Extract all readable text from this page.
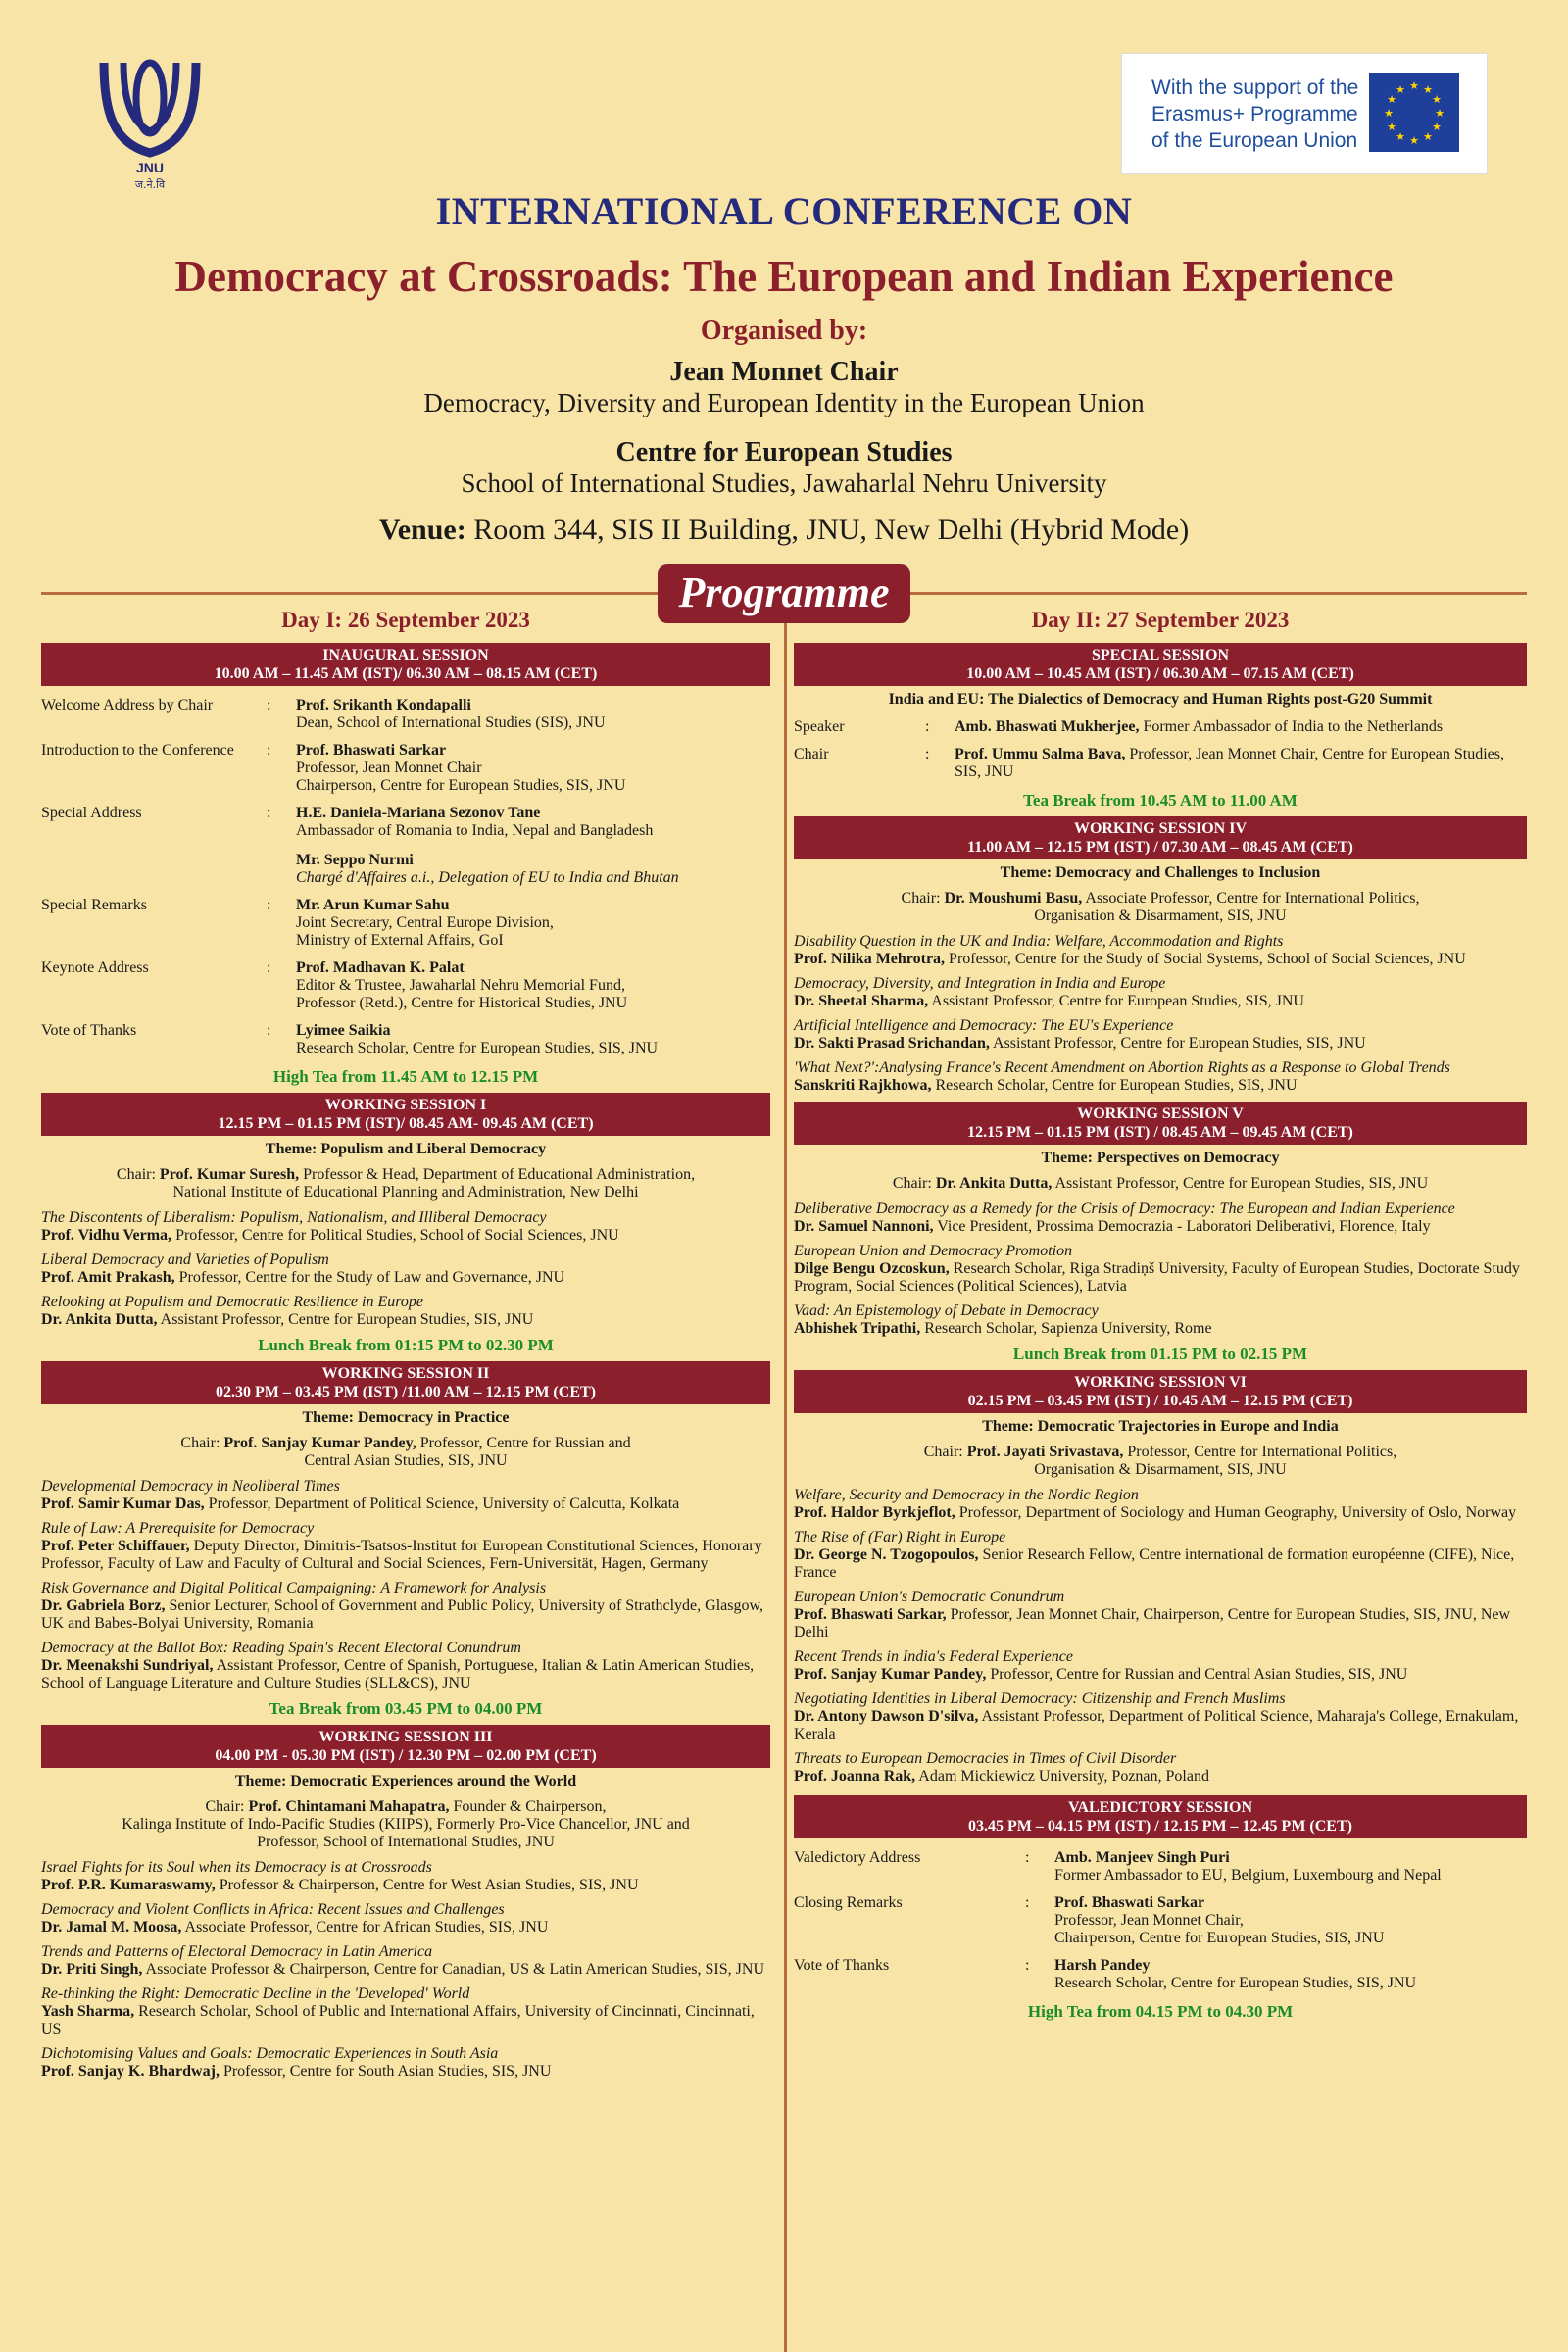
JNU
ज.ने.वि
With the support of the
Erasmus+ Programme
of the European Union
★ ★
★
★
★
★
★
★
★
★
★
★
INTERNATIONAL CONFERENCE ON
Democracy at Crossroads: The European and Indian Experience
Organised by:
Jean Monnet Chair
Democracy, Diversity and European Identity in the European Union
Centre for European Studies
School of International Studies, Jawaharlal Nehru University
Venue: Room 344, SIS II Building, JNU, New Delhi (Hybrid Mode)
Programme
Day I: 26 September 2023
INAUGURAL SESSION
10.00 AM – 11.45 AM (IST)/ 06.30 AM – 08.15 AM (CET)
Welcome Address by Chair	:	Prof. Srikanth Kondapalli
Dean, School of International Studies (SIS), JNU
Introduction to the Conference	:	Prof. Bhaswati Sarkar
Professor, Jean Monnet Chair
Chairperson, Centre for European Studies, SIS, JNU
Special Address	:	H.E. Daniela-Mariana Sezonov Tane
Ambassador of Romania to India, Nepal and Bangladesh
Mr. Seppo Nurmi
Chargé d'Affaires a.i., Delegation of EU to India and Bhutan
Special Remarks	:	Mr. Arun Kumar Sahu
Joint Secretary, Central Europe Division,
Ministry of External Affairs, GoI
Keynote Address	:	Prof. Madhavan K. Palat
Editor & Trustee, Jawaharlal Nehru Memorial Fund,
Professor (Retd.), Centre for Historical Studies, JNU
Vote of Thanks	:	Lyimee Saikia
Research Scholar, Centre for European Studies, SIS, JNU
High Tea from 11.45 AM to 12.15 PM
WORKING SESSION I
12.15 PM – 01.15 PM (IST)/ 08.45 AM- 09.45 AM (CET)
Theme: Populism and Liberal Democracy
Chair: Prof. Kumar Suresh, Professor & Head, Department of Educational Administration,
National Institute of Educational Planning and Administration, New Delhi
The Discontents of Liberalism: Populism, Nationalism, and Illiberal Democracy
Prof. Vidhu Verma, Professor, Centre for Political Studies, School of Social Sciences, JNU
Liberal Democracy and Varieties of Populism
Prof. Amit Prakash, Professor, Centre for the Study of Law and Governance, JNU
Relooking at Populism and Democratic Resilience in Europe
Dr. Ankita Dutta, Assistant Professor, Centre for European Studies, SIS, JNU
Lunch Break from 01:15 PM to 02.30 PM
WORKING SESSION II
02.30 PM – 03.45 PM (IST) /11.00 AM – 12.15 PM (CET)
Theme: Democracy in Practice
Chair: Prof. Sanjay Kumar Pandey, Professor, Centre for Russian and
Central Asian Studies, SIS, JNU
Developmental Democracy in Neoliberal Times
Prof. Samir Kumar Das, Professor, Department of Political Science, University of Calcutta, Kolkata
Rule of Law: A Prerequisite for Democracy
Prof. Peter Schiffauer, Deputy Director, Dimitris-Tsatsos-Institut for European Constitutional Sciences, Honorary Professor, Faculty of Law and Faculty of Cultural and Social Sciences, Fern-Universität, Hagen, Germany
Risk Governance and Digital Political Campaigning: A Framework for Analysis
Dr. Gabriela Borz, Senior Lecturer, School of Government and Public Policy, University of Strathclyde, Glasgow, UK and Babes-Bolyai University, Romania
Democracy at the Ballot Box: Reading Spain's Recent Electoral Conundrum
Dr. Meenakshi Sundriyal, Assistant Professor, Centre of Spanish, Portuguese, Italian & Latin American Studies, School of Language Literature and Culture Studies (SLL&CS), JNU
Tea Break from 03.45 PM to 04.00 PM
WORKING SESSION III
04.00 PM - 05.30 PM (IST) / 12.30 PM – 02.00 PM (CET)
Theme: Democratic Experiences around the World
Chair: Prof. Chintamani Mahapatra, Founder & Chairperson,
Kalinga Institute of Indo-Pacific Studies (KIIPS), Formerly Pro-Vice Chancellor, JNU and
Professor, School of International Studies, JNU
Israel Fights for its Soul when its Democracy is at Crossroads
Prof. P.R. Kumaraswamy, Professor & Chairperson, Centre for West Asian Studies, SIS, JNU
Democracy and Violent Conflicts in Africa: Recent Issues and Challenges
Dr. Jamal M. Moosa, Associate Professor, Centre for African Studies, SIS, JNU
Trends and Patterns of Electoral Democracy in Latin America
Dr. Priti Singh, Associate Professor & Chairperson, Centre for Canadian, US & Latin American Studies, SIS, JNU
Re-thinking the Right: Democratic Decline in the 'Developed' World
Yash Sharma, Research Scholar, School of Public and International Affairs, University of Cincinnati, Cincinnati, US
Dichotomising Values and Goals: Democratic Experiences in South Asia
Prof. Sanjay K. Bhardwaj, Professor, Centre for South Asian Studies, SIS, JNU
Day II: 27 September 2023
SPECIAL SESSION
10.00 AM – 10.45 AM (IST) / 06.30 AM – 07.15 AM (CET)
India and EU: The Dialectics of Democracy and Human Rights post-G20 Summit
Speaker	:	Amb. Bhaswati Mukherjee, Former Ambassador of India to the Netherlands
Chair	:	Prof. Ummu Salma Bava, Professor, Jean Monnet Chair, Centre for European Studies, SIS, JNU
Tea Break from 10.45 AM to 11.00 AM
WORKING SESSION IV
11.00 AM – 12.15 PM (IST) / 07.30 AM – 08.45 AM (CET)
Theme: Democracy and Challenges to Inclusion
Chair: Dr. Moushumi Basu, Associate Professor, Centre for International Politics,
Organisation & Disarmament, SIS, JNU
Disability Question in the UK and India: Welfare, Accommodation and Rights
Prof. Nilika Mehrotra, Professor, Centre for the Study of Social Systems, School of Social Sciences, JNU
Democracy, Diversity, and Integration in India and Europe
Dr. Sheetal Sharma, Assistant Professor, Centre for European Studies, SIS, JNU
Artificial Intelligence and Democracy: The EU's Experience
Dr. Sakti Prasad Srichandan, Assistant Professor, Centre for European Studies, SIS, JNU
'What Next?':Analysing France's Recent Amendment on Abortion Rights as a Response to Global Trends
Sanskriti Rajkhowa, Research Scholar, Centre for European Studies, SIS, JNU
WORKING SESSION V
12.15 PM – 01.15 PM (IST) / 08.45 AM – 09.45 AM (CET)
Theme: Perspectives on Democracy
Chair: Dr. Ankita Dutta, Assistant Professor, Centre for European Studies, SIS, JNU
Deliberative Democracy as a Remedy for the Crisis of Democracy: The European and Indian Experience
Dr. Samuel Nannoni, Vice President, Prossima Democrazia - Laboratori Deliberativi, Florence, Italy
European Union and Democracy Promotion
Dilge Bengu Ozcoskun, Research Scholar, Riga Stradiņš University, Faculty of European Studies, Doctorate Study Program, Social Sciences (Political Sciences), Latvia
Vaad: An Epistemology of Debate in Democracy
Abhishek Tripathi, Research Scholar, Sapienza University, Rome
Lunch Break from 01.15 PM to 02.15 PM
WORKING SESSION VI
02.15 PM – 03.45 PM (IST) / 10.45 AM – 12.15 PM (CET)
Theme: Democratic Trajectories in Europe and India
Chair: Prof. Jayati Srivastava, Professor, Centre for International Politics,
Organisation & Disarmament, SIS, JNU
Welfare, Security and Democracy in the Nordic Region
Prof. Haldor Byrkjeflot, Professor, Department of Sociology and Human Geography, University of Oslo, Norway
The Rise of (Far) Right in Europe
Dr. George N. Tzogopoulos, Senior Research Fellow, Centre international de formation européenne (CIFE), Nice, France
European Union's Democratic Conundrum
Prof. Bhaswati Sarkar, Professor, Jean Monnet Chair, Chairperson, Centre for European Studies, SIS, JNU, New Delhi
Recent Trends in India's Federal Experience
Prof. Sanjay Kumar Pandey, Professor, Centre for Russian and Central Asian Studies, SIS, JNU
Negotiating Identities in Liberal Democracy: Citizenship and French Muslims
Dr. Antony Dawson D'silva, Assistant Professor, Department of Political Science, Maharaja's College, Ernakulam, Kerala
Threats to European Democracies in Times of Civil Disorder
Prof. Joanna Rak, Adam Mickiewicz University, Poznan, Poland
VALEDICTORY SESSION
03.45 PM – 04.15 PM (IST) / 12.15 PM – 12.45 PM (CET)
Valedictory Address	:	Amb. Manjeev Singh Puri
Former Ambassador to EU, Belgium, Luxembourg and Nepal
Closing Remarks	:	Prof. Bhaswati Sarkar
Professor, Jean Monnet Chair,
Chairperson, Centre for European Studies, SIS, JNU
Vote of Thanks	:	Harsh Pandey
Research Scholar, Centre for European Studies, SIS, JNU
High Tea from 04.15 PM to 04.30 PM
